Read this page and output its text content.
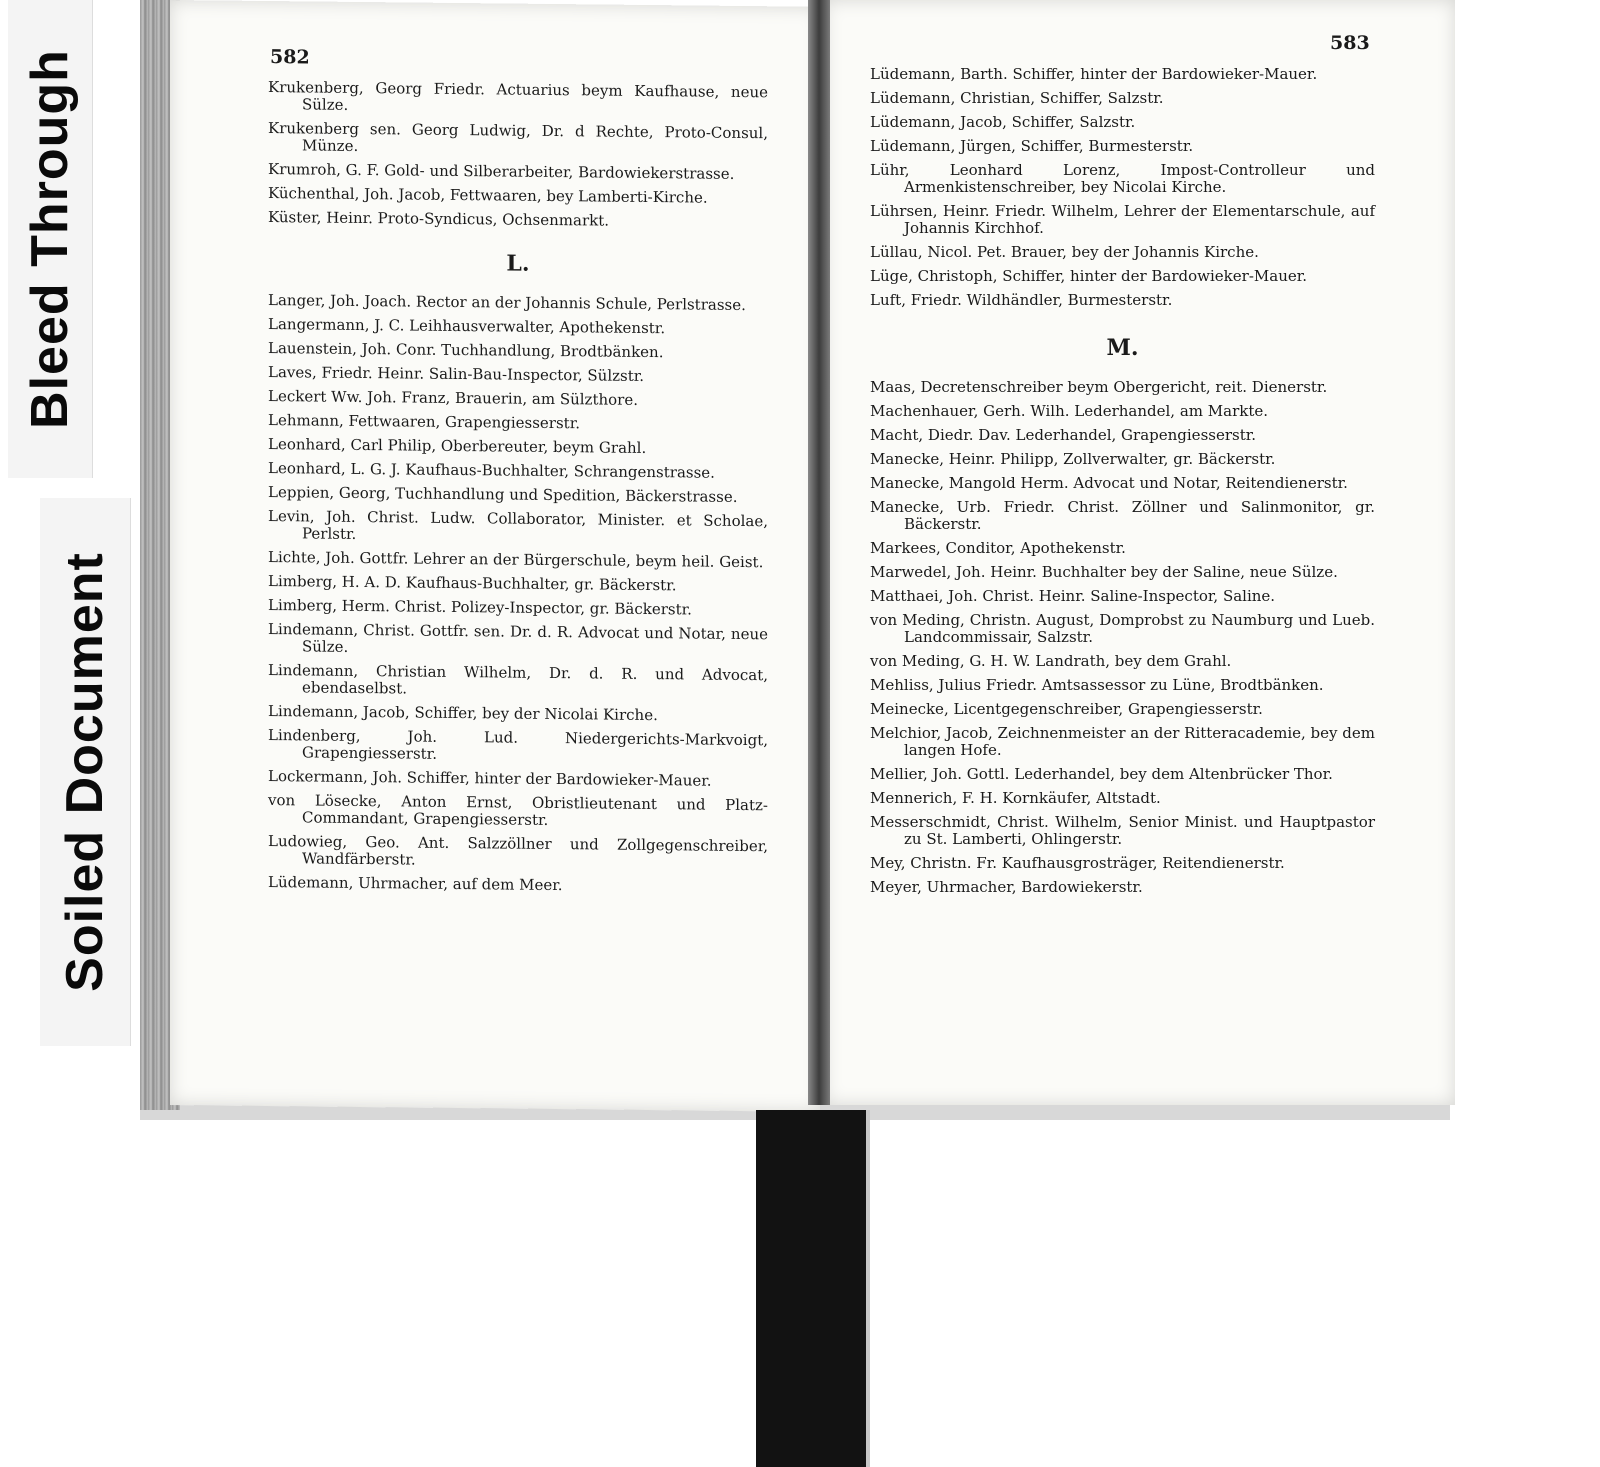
Bleed Through
Soiled Document
582
Krukenberg, Georg Friedr. Actuarius beym Kaufhause, neue Sülze.
Krukenberg sen. Georg Ludwig, Dr. d Rechte, Proto-Consul, Münze.
Krumroh, G. F. Gold- und Silberarbeiter, Bardowiekerstrasse.
Küchenthal, Joh. Jacob, Fettwaaren, bey Lamberti-Kirche.
Küster, Heinr. Proto-Syndicus, Ochsenmarkt.
L.
Langer, Joh. Joach. Rector an der Johannis Schule, Perlstrasse.
Langermann, J. C. Leihhausverwalter, Apothekenstr.
Lauenstein, Joh. Conr. Tuchhandlung, Brodtbänken.
Laves, Friedr. Heinr. Salin-Bau-Inspector, Sülzstr.
Leckert Ww. Joh. Franz, Brauerin, am Sülzthore.
Lehmann, Fettwaaren, Grapengiesserstr.
Leonhard, Carl Philip, Oberbereuter, beym Grahl.
Leonhard, L. G. J. Kaufhaus-Buchhalter, Schrangenstrasse.
Leppien, Georg, Tuchhandlung und Spedition, Bäckerstrasse.
Levin, Joh. Christ. Ludw. Collaborator, Minister. et Scholae, Perlstr.
Lichte, Joh. Gottfr. Lehrer an der Bürgerschule, beym heil. Geist.
Limberg, H. A. D. Kaufhaus-Buchhalter, gr. Bäckerstr.
Limberg, Herm. Christ. Polizey-Inspector, gr. Bäckerstr.
Lindemann, Christ. Gottfr. sen. Dr. d. R. Advocat und Notar, neue Sülze.
Lindemann, Christian Wilhelm, Dr. d. R. und Advocat, ebendaselbst.
Lindemann, Jacob, Schiffer, bey der Nicolai Kirche.
Lindenberg, Joh. Lud. Niedergerichts-Markvoigt, Grapengiesserstr.
Lockermann, Joh. Schiffer, hinter der Bardowieker-Mauer.
von Lösecke, Anton Ernst, Obristlieutenant und Platz-Commandant, Grapengiesserstr.
Ludowieg, Geo. Ant. Salzzöllner und Zollgegenschreiber, Wandfärberstr.
Lüdemann, Uhrmacher, auf dem Meer.
583
Lüdemann, Barth. Schiffer, hinter der Bardowieker-Mauer.
Lüdemann, Christian, Schiffer, Salzstr.
Lüdemann, Jacob, Schiffer, Salzstr.
Lüdemann, Jürgen, Schiffer, Burmesterstr.
Lühr, Leonhard Lorenz, Impost-Controlleur und Armenkistenschreiber, bey Nicolai Kirche.
Lührsen, Heinr. Friedr. Wilhelm, Lehrer der Elementarschule, auf Johannis Kirchhof.
Lüllau, Nicol. Pet. Brauer, bey der Johannis Kirche.
Lüge, Christoph, Schiffer, hinter der Bardowieker-Mauer.
Luft, Friedr. Wildhändler, Burmesterstr.
M.
Maas, Decretenschreiber beym Obergericht, reit. Dienerstr.
Machenhauer, Gerh. Wilh. Lederhandel, am Markte.
Macht, Diedr. Dav. Lederhandel, Grapengiesserstr.
Manecke, Heinr. Philipp, Zollverwalter, gr. Bäckerstr.
Manecke, Mangold Herm. Advocat und Notar, Reitendienerstr.
Manecke, Urb. Friedr. Christ. Zöllner und Salinmonitor, gr. Bäckerstr.
Markees, Conditor, Apothekenstr.
Marwedel, Joh. Heinr. Buchhalter bey der Saline, neue Sülze.
Matthaei, Joh. Christ. Heinr. Saline-Inspector, Saline.
von Meding, Christn. August, Domprobst zu Naumburg und Lueb. Landcommissair, Salzstr.
von Meding, G. H. W. Landrath, bey dem Grahl.
Mehliss, Julius Friedr. Amtsassessor zu Lüne, Brodtbänken.
Meinecke, Licentgegenschreiber, Grapengiesserstr.
Melchior, Jacob, Zeichnenmeister an der Ritteracademie, bey dem langen Hofe.
Mellier, Joh. Gottl. Lederhandel, bey dem Altenbrücker Thor.
Mennerich, F. H. Kornkäufer, Altstadt.
Messerschmidt, Christ. Wilhelm, Senior Minist. und Hauptpastor zu St. Lamberti, Ohlingerstr.
Mey, Christn. Fr. Kaufhausgrosträger, Reitendienerstr.
Meyer, Uhrmacher, Bardowiekerstr.
